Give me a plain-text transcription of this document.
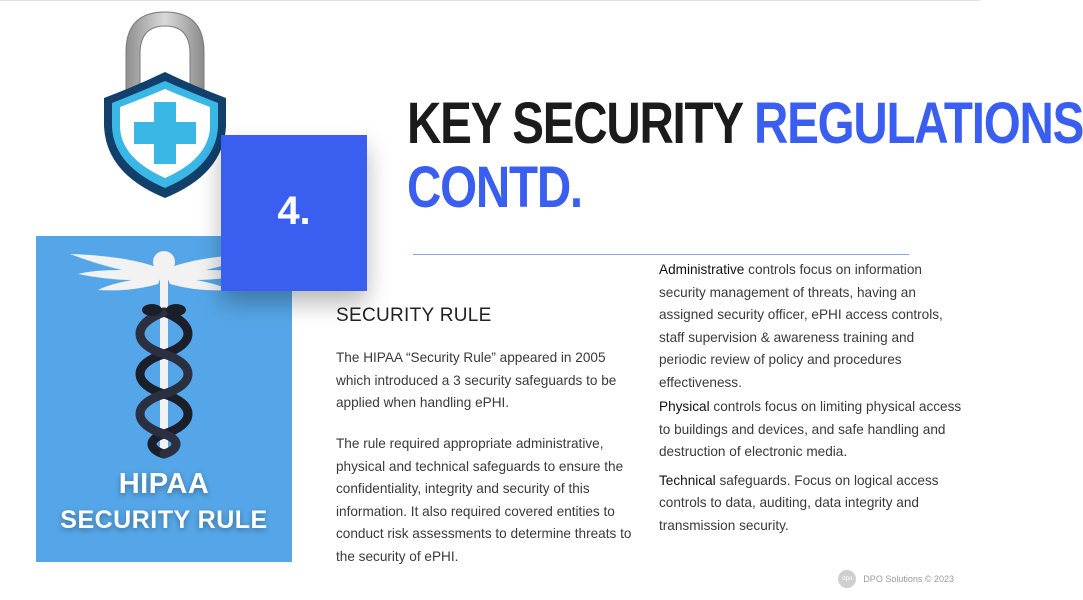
HIPAA
SECURITY RULE
4.
KEY SECURITY REGULATIONS
CONTD.
SECURITY RULE
The HIPAA “Security Rule” appeared in 2005 which introduced a 3 security safeguards to be applied when handling ePHI.
The rule required appropriate administrative, physical and technical safeguards to ensure the confidentiality, integrity and security of this information. It also required covered entities to conduct risk assessments to determine threats to the security of ePHI.

Administrative controls focus on information security management of threats, having an assigned security officer, ePHI access controls, staff supervision & awareness training and periodic review of policy and procedures effectiveness.

Physical controls focus on limiting physical access to buildings and devices, and safe handling and destruction of electronic media.

Technical safeguards. Focus on logical access controls to data, auditing, data integrity and transmission security.

dpo	DPO Solutions © 2023
